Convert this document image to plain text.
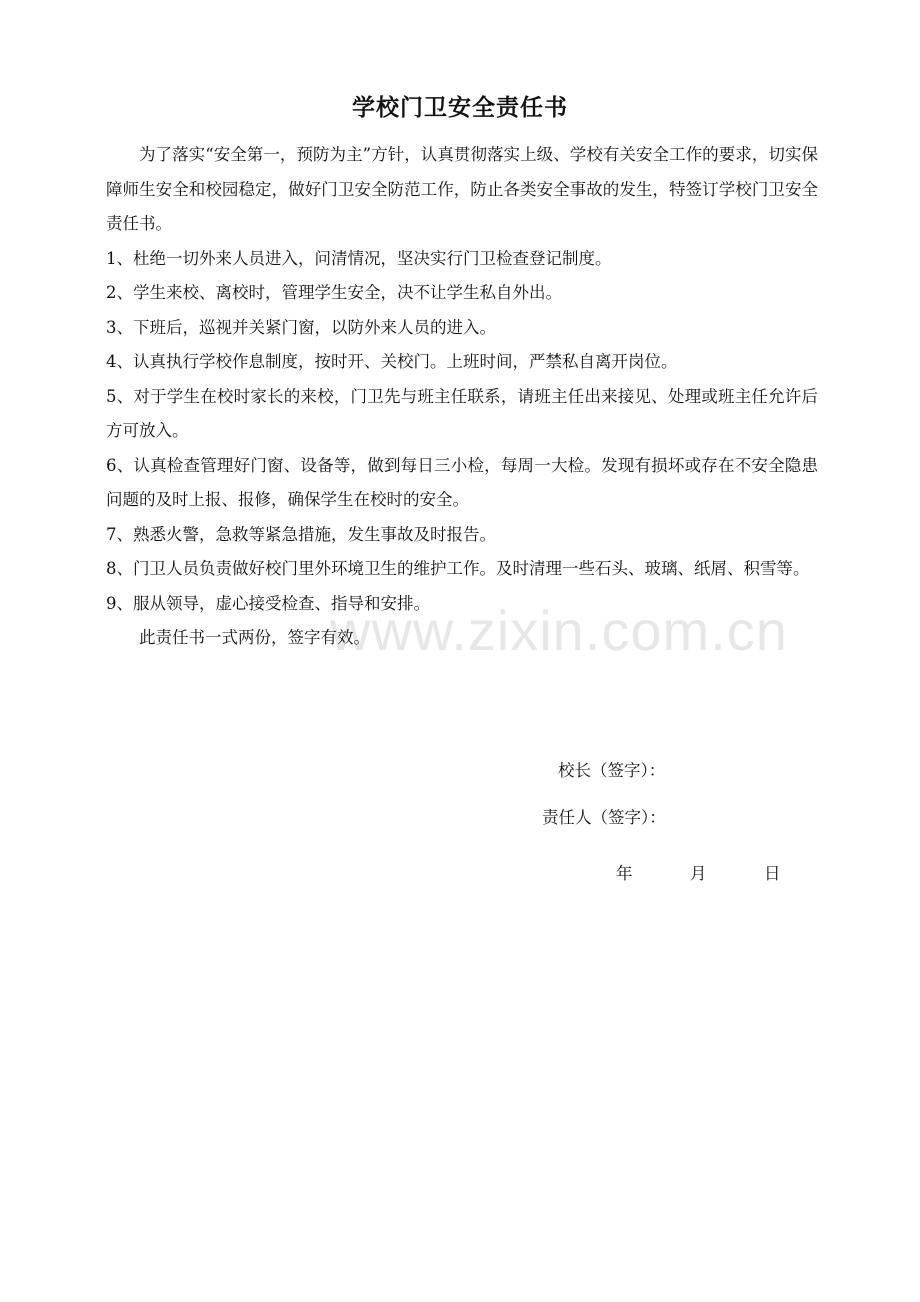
学校门卫安全责任书

为了落实“安全第一，预防为主”方针，认真贯彻落实上级、学校有关安全工作的要求，切实保障师生安全和校园稳定，做好门卫安全防范工作，防止各类安全事故的发生，特签订学校门卫安全责任书。

1、杜绝一切外来人员进入，问清情况，坚决实行门卫检查登记制度。

2、学生来校、离校时，管理学生安全，决不让学生私自外出。

3、下班后，巡视并关紧门窗，以防外来人员的进入。

4、认真执行学校作息制度，按时开、关校门。上班时间，严禁私自离开岗位。

5、对于学生在校时家长的来校，门卫先与班主任联系，请班主任出来接见、处理或班主任允许后方可放入。

6、认真检查管理好门窗、设备等，做到每日三小检，每周一大检。发现有损坏或存在不安全隐患问题的及时上报、报修，确保学生在校时的安全。

7、熟悉火警，急救等紧急措施，发生事故及时报告。

8、门卫人员负责做好校门里外环境卫生的维护工作。及时清理一些石头、玻璃、纸屑、积雪等。

9、服从领导，虚心接受检查、指导和安排。

此责任书一式两份，签字有效。

校长（签字）：
责任人（签字）：
年	月	日
www.zixin.com.cn
